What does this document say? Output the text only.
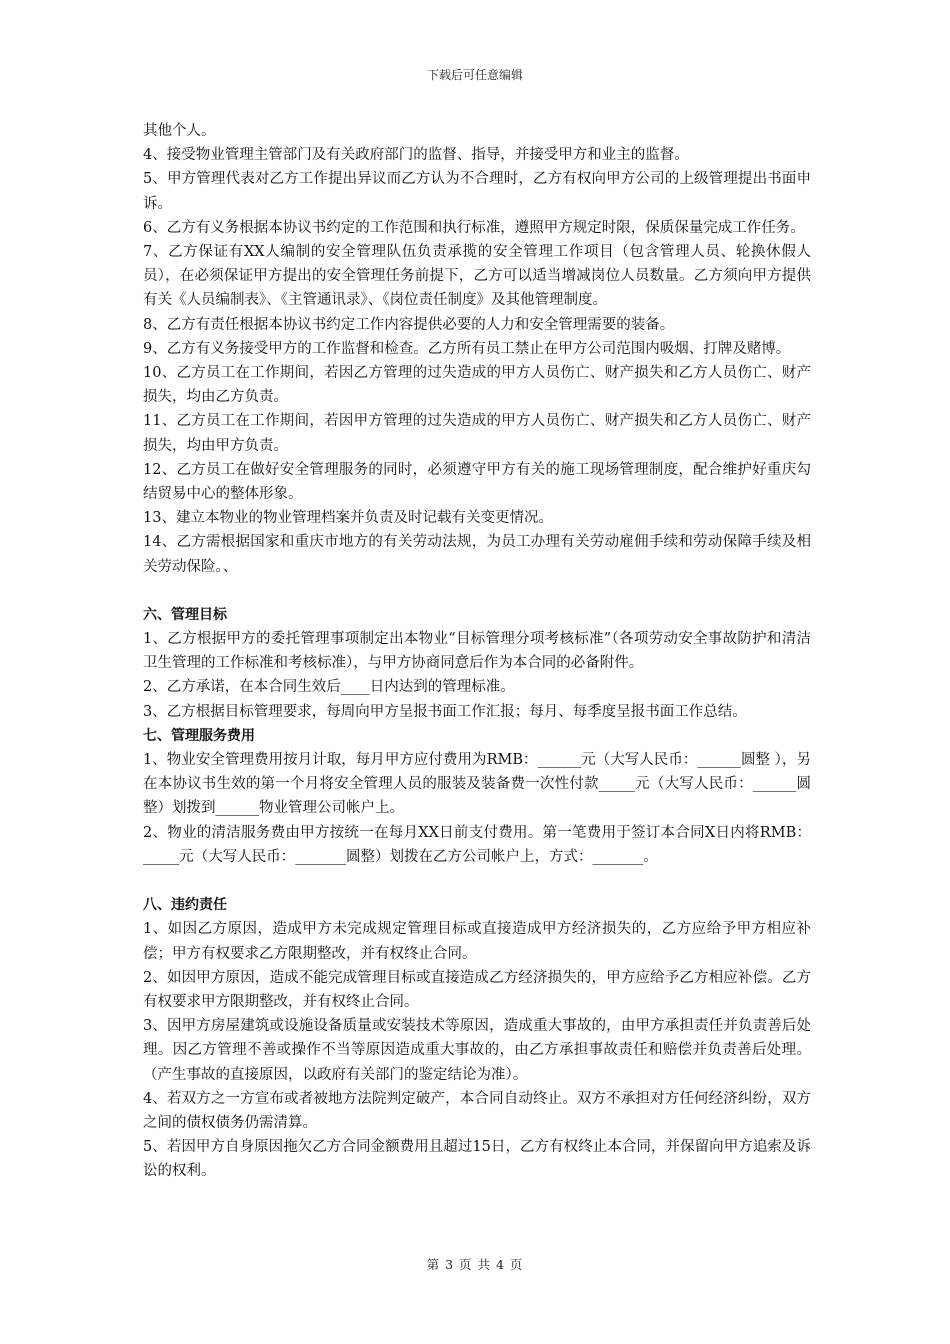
下载后可任意编辑

其他个人。

4、接受物业管理主管部门及有关政府部门的监督、指导，并接受甲方和业主的监督。

5、甲方管理代表对乙方工作提出异议而乙方认为不合理时，乙方有权向甲方公司的上级管理提出书面申诉。

6、乙方有义务根据本协议书约定的工作范围和执行标准，遵照甲方规定时限，保质保量完成工作任务。

7、乙方保证有XX人编制的安全管理队伍负责承揽的安全管理工作项目（包含管理人员、轮换休假人员），在必须保证甲方提出的安全管理任务前提下，乙方可以适当增减岗位人员数量。乙方须向甲方提供有关《人员编制表》、《主管通讯录》、《岗位责任制度》及其他管理制度。

8、乙方有责任根据本协议书约定工作内容提供必要的人力和安全管理需要的装备。

9、乙方有义务接受甲方的工作监督和检查。乙方所有员工禁止在甲方公司范围内吸烟、打牌及赌博。

10、乙方员工在工作期间，若因乙方管理的过失造成的甲方人员伤亡、财产损失和乙方人员伤亡、财产损失，均由乙方负责。

11、乙方员工在工作期间，若因甲方管理的过失造成的甲方人员伤亡、财产损失和乙方人员伤亡、财产损失，均由甲方负责。

12、乙方员工在做好安全管理服务的同时，必须遵守甲方有关的施工现场管理制度，配合维护好重庆勾结贸易中心的整体形象。

13、建立本物业的物业管理档案并负责及时记载有关变更情况。

14、乙方需根据国家和重庆市地方的有关劳动法规，为员工办理有关劳动雇佣手续和劳动保障手续及相关劳动保险。、

六、管理目标

1、乙方根据甲方的委托管理事项制定出本物业“目标管理分项考核标准”（各项劳动安全事故防护和清洁卫生管理的工作标准和考核标准），与甲方协商同意后作为本合同的必备附件。

2、乙方承诺，在本合同生效后____日内达到的管理标准。

3、乙方根据目标管理要求，每周向甲方呈报书面工作汇报；每月、每季度呈报书面工作总结。

七、管理服务费用

1、物业安全管理费用按月计取，每月甲方应付费用为RMB：______元（大写人民币：______圆整 ），另在本协议书生效的第一个月将安全管理人员的服装及装备费一次性付款_____元（大写人民币：______圆整）划拨到______物业管理公司帐户上。

2、物业的清洁服务费由甲方按统一在每月XX日前支付费用。第一笔费用于签订本合同X日内将RMB：_____元（大写人民币：_______圆整）划拨在乙方公司帐户上，方式：_______。

八、违约责任

1、如因乙方原因，造成甲方未完成规定管理目标或直接造成甲方经济损失的，乙方应给予甲方相应补偿；甲方有权要求乙方限期整改，并有权终止合同。

2、如因甲方原因，造成不能完成管理目标或直接造成乙方经济损失的，甲方应给予乙方相应补偿。乙方有权要求甲方限期整改，并有权终止合同。

3、因甲方房屋建筑或设施设备质量或安装技术等原因，造成重大事故的，由甲方承担责任并负责善后处理。因乙方管理不善或操作不当等原因造成重大事故的，由乙方承担事故责任和赔偿并负责善后处理。（产生事故的直接原因，以政府有关部门的鉴定结论为准）。

4、若双方之一方宣布或者被地方法院判定破产，本合同自动终止。双方不承担对方任何经济纠纷，双方之间的债权债务仍需清算。

5、若因甲方自身原因拖欠乙方合同金额费用且超过15日，乙方有权终止本合同，并保留向甲方追索及诉讼的权利。

第 3 页 共 4 页
